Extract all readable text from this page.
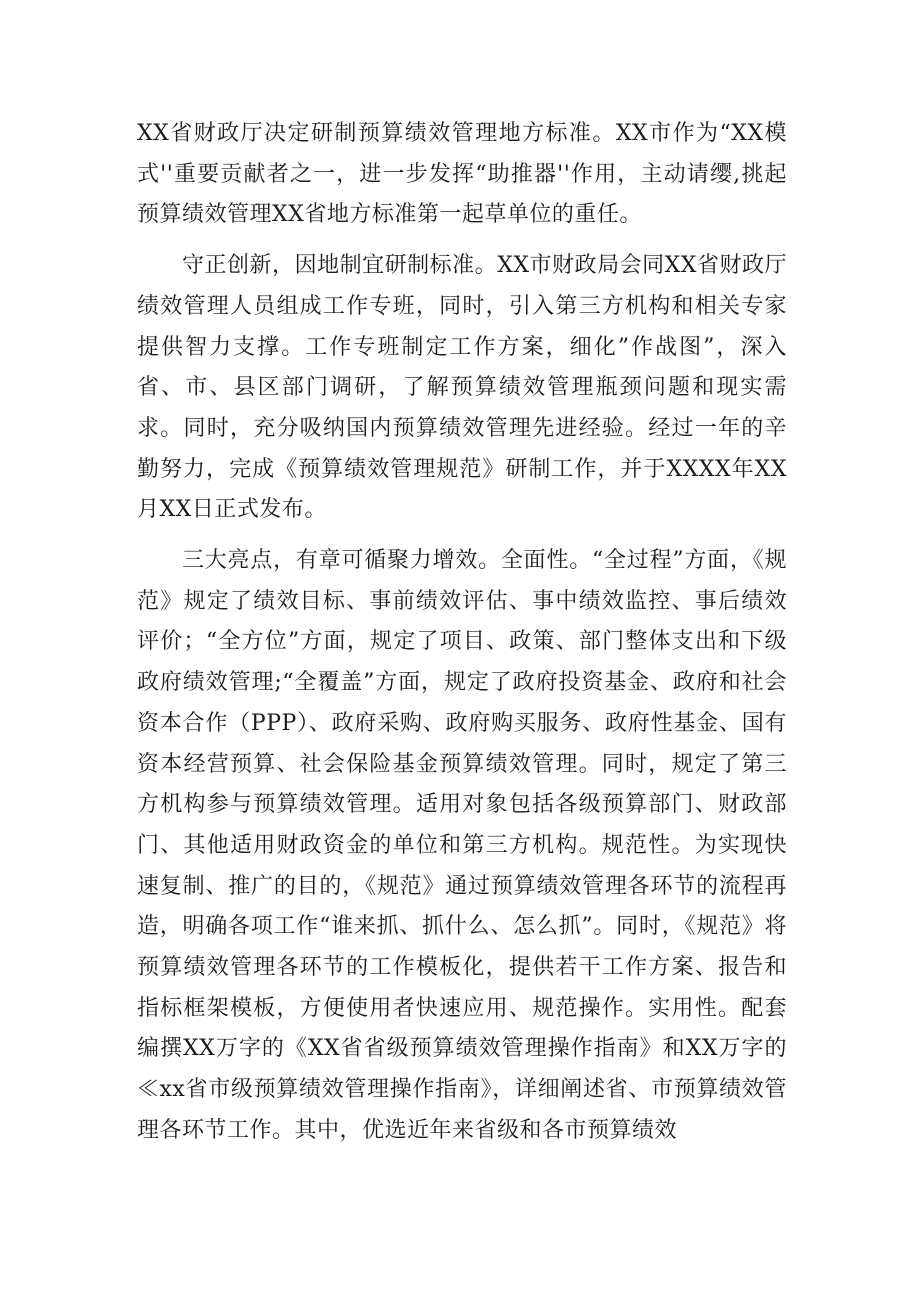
XX省财政厅决定研制预算绩效管理地方标准。XX市作为“XX模式''重要贡献者之一，进一步发挥“助推器''作用，主动请缨,挑起预算绩效管理XX省地方标准第一起草单位的重任。

守正创新，因地制宜研制标准。XX市财政局会同XX省财政厅绩效管理人员组成工作专班，同时，引入第三方机构和相关专家提供智力支撑。工作专班制定工作方案，细化”作战图”，深入省、市、县区部门调研，了解预算绩效管理瓶颈问题和现实需求。同时，充分吸纳国内预算绩效管理先进经验。经过一年的辛勤努力，完成《预算绩效管理规范》研制工作，并于XXXX年XX月XX日正式发布。

三大亮点，有章可循聚力增效。全面性。“全过程”方面，《规范》规定了绩效目标、事前绩效评估、事中绩效监控、事后绩效评价；“全方位”方面，规定了项目、政策、部门整体支出和下级政府绩效管理;“全覆盖”方面，规定了政府投资基金、政府和社会资本合作（PPP）、政府采购、政府购买服务、政府性基金、国有资本经营预算、社会保险基金预算绩效管理。同时，规定了第三方机构参与预算绩效管理。适用对象包括各级预算部门、财政部门、其他适用财政资金的单位和第三方机构。规范性。为实现快速复制、推广的目的，《规范》通过预算绩效管理各环节的流程再造，明确各项工作“谁来抓、抓什么、怎么抓”。同时，《规范》将预算绩效管理各环节的工作模板化，提供若干工作方案、报告和指标框架模板，方便使用者快速应用、规范操作。实用性。配套编撰XX万字的《XX省省级预算绩效管理操作指南》和XX万字的≪xx省市级预算绩效管理操作指南》，详细阐述省、市预算绩效管理各环节工作。其中，优选近年来省级和各市预算绩效
